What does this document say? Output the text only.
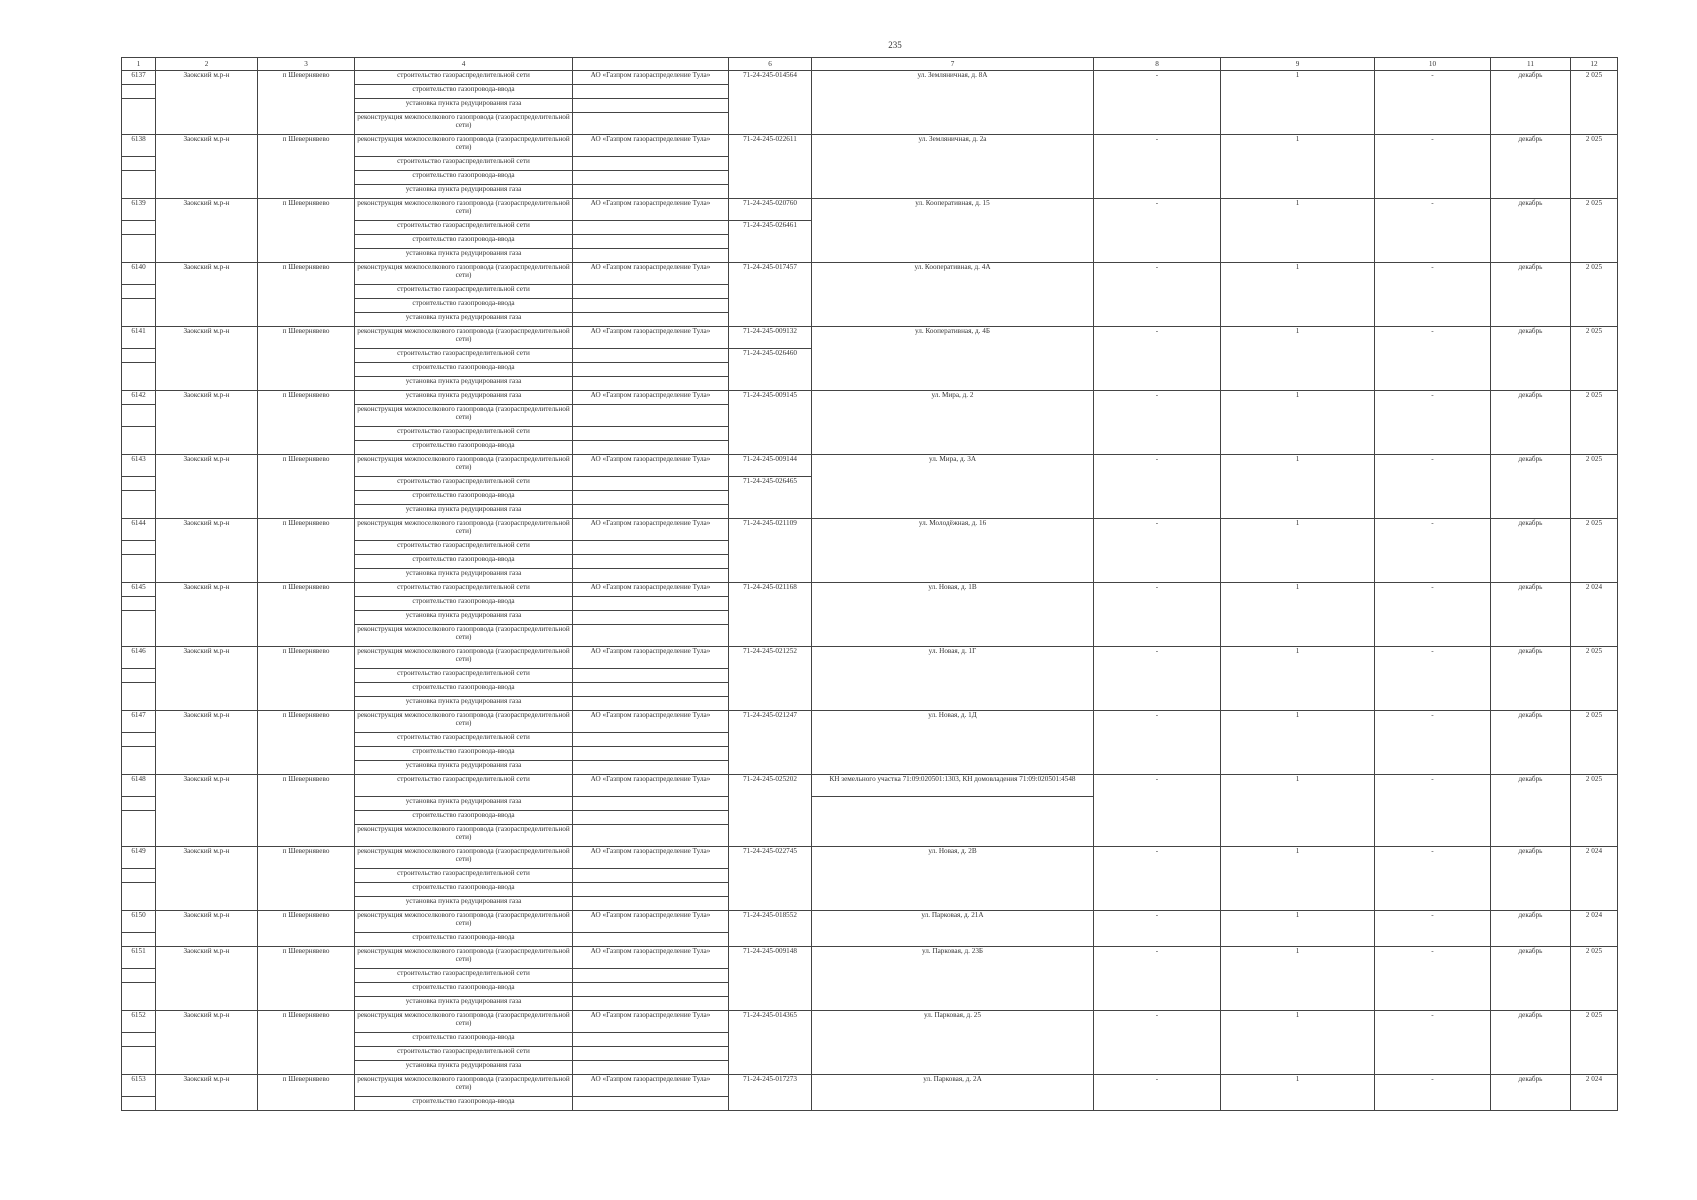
235
1	2	3	4		6	7	8	9	10	11	12
6137	Заокский м.р-н	п Шевернявево	строительство газораспределительной сети	АО «Газпром газораспределение Тула»	71-24-245-014564	ул. Земляничная, д. 8А	-	1	-	декабрь	2 025
			строительство газопровода-ввода								
			установка пункта редуцирования газа								
			реконструкция межпоселкового газопровода (газораспределительной сети)								
6138	Заокский м.р-н	п Шевернявево	реконструкция межпоселкового газопровода (газораспределительной сети)	АО «Газпром газораспределение Тула»	71-24-245-022611	ул. Земляничная, д. 2а	-	1	-	декабрь	2 025
			строительство газораспределительной сети								
			строительство газопровода-ввода								
			установка пункта редуцирования газа								
6139	Заокский м.р-н	п Шевернявево	реконструкция межпоселкового газопровода (газораспределительной сети)	АО «Газпром газораспределение Тула»	71-24-245-020760	ул. Кооперативная, д. 15	-	1	-	декабрь	2 025
			строительство газораспределительной сети		71-24-245-026461						
			строительство газопровода-ввода								
			установка пункта редуцирования газа								
6140	Заокский м.р-н	п Шевернявево	реконструкция межпоселкового газопровода (газораспределительной сети)	АО «Газпром газораспределение Тула»	71-24-245-017457	ул. Кооперативная, д. 4А	-	1	-	декабрь	2 025
			строительство газораспределительной сети								
			строительство газопровода-ввода								
			установка пункта редуцирования газа								
6141	Заокский м.р-н	п Шевернявево	реконструкция межпоселкового газопровода (газораспределительной сети)	АО «Газпром газораспределение Тула»	71-24-245-009132	ул. Кооперативная, д. 4Б	-	1	-	декабрь	2 025
			строительство газораспределительной сети		71-24-245-026460						
			строительство газопровода-ввода								
			установка пункта редуцирования газа								
6142	Заокский м.р-н	п Шевернявево	установка пункта редуцирования газа	АО «Газпром газораспределение Тула»	71-24-245-009145	ул. Мира, д. 2	-	1	-	декабрь	2 025
			реконструкция межпоселкового газопровода (газораспределительной сети)								
			строительство газораспределительной сети								
			строительство газопровода-ввода								
6143	Заокский м.р-н	п Шевернявево	реконструкция межпоселкового газопровода (газораспределительной сети)	АО «Газпром газораспределение Тула»	71-24-245-009144	ул. Мира, д. 3А	-	1	-	декабрь	2 025
			строительство газораспределительной сети		71-24-245-026465						
			строительство газопровода-ввода								
			установка пункта редуцирования газа								
6144	Заокский м.р-н	п Шевернявево	реконструкция межпоселкового газопровода (газораспределительной сети)	АО «Газпром газораспределение Тула»	71-24-245-021109	ул. Молодёжная, д. 16	-	1	-	декабрь	2 025
			строительство газораспределительной сети								
			строительство газопровода-ввода								
			установка пункта редуцирования газа								
6145	Заокский м.р-н	п Шевернявево	строительство газораспределительной сети	АО «Газпром газораспределение Тула»	71-24-245-021168	ул. Новая, д. 1В	-	1	-	декабрь	2 024
			строительство газопровода-ввода								
			установка пункта редуцирования газа								
			реконструкция межпоселкового газопровода (газораспределительной сети)								
6146	Заокский м.р-н	п Шевернявево	реконструкция межпоселкового газопровода (газораспределительной сети)	АО «Газпром газораспределение Тула»	71-24-245-021252	ул. Новая, д. 1Г	-	1	-	декабрь	2 025
			строительство газораспределительной сети								
			строительство газопровода-ввода								
			установка пункта редуцирования газа								
6147	Заокский м.р-н	п Шевернявево	реконструкция межпоселкового газопровода (газораспределительной сети)	АО «Газпром газораспределение Тула»	71-24-245-021247	ул. Новая, д. 1Д	-	1	-	декабрь	2 025
			строительство газораспределительной сети								
			строительство газопровода-ввода								
			установка пункта редуцирования газа								
6148	Заокский м.р-н	п Шевернявево	строительство газораспределительной сети	АО «Газпром газораспределение Тула»	71-24-245-025202	КН земельного участка 71:09:020501:1303, КН домовладения 71:09:020501:4548	-	1	-	декабрь	2 025
			установка пункта редуцирования газа								
			строительство газопровода-ввода								
			реконструкция межпоселкового газопровода (газораспределительной сети)								
6149	Заокский м.р-н	п Шевернявево	реконструкция межпоселкового газопровода (газораспределительной сети)	АО «Газпром газораспределение Тула»	71-24-245-022745	ул. Новая, д. 2В	-	1	-	декабрь	2 024
			строительство газораспределительной сети								
			строительство газопровода-ввода								
			установка пункта редуцирования газа								
6150	Заокский м.р-н	п Шевернявево	реконструкция межпоселкового газопровода (газораспределительной сети)	АО «Газпром газораспределение Тула»	71-24-245-018552	ул. Парковая, д. 21А	-	1	-	декабрь	2 024
			строительство газопровода-ввода								
6151	Заокский м.р-н	п Шевернявево	реконструкция межпоселкового газопровода (газораспределительной сети)	АО «Газпром газораспределение Тула»	71-24-245-009148	ул. Парковая, д. 23Б	-	1	-	декабрь	2 025
			строительство газораспределительной сети								
			строительство газопровода-ввода								
			установка пункта редуцирования газа								
6152	Заокский м.р-н	п Шевернявево	реконструкция межпоселкового газопровода (газораспределительной сети)	АО «Газпром газораспределение Тула»	71-24-245-014365	ул. Парковая, д. 25	-	1	-	декабрь	2 025
			строительство газопровода-ввода								
			строительство газораспределительной сети								
			установка пункта редуцирования газа								
6153	Заокский м.р-н	п Шевернявево	реконструкция межпоселкового газопровода (газораспределительной сети)	АО «Газпром газораспределение Тула»	71-24-245-017273	ул. Парковая, д. 2А	-	1	-	декабрь	2 024
			строительство газопровода-ввода								
